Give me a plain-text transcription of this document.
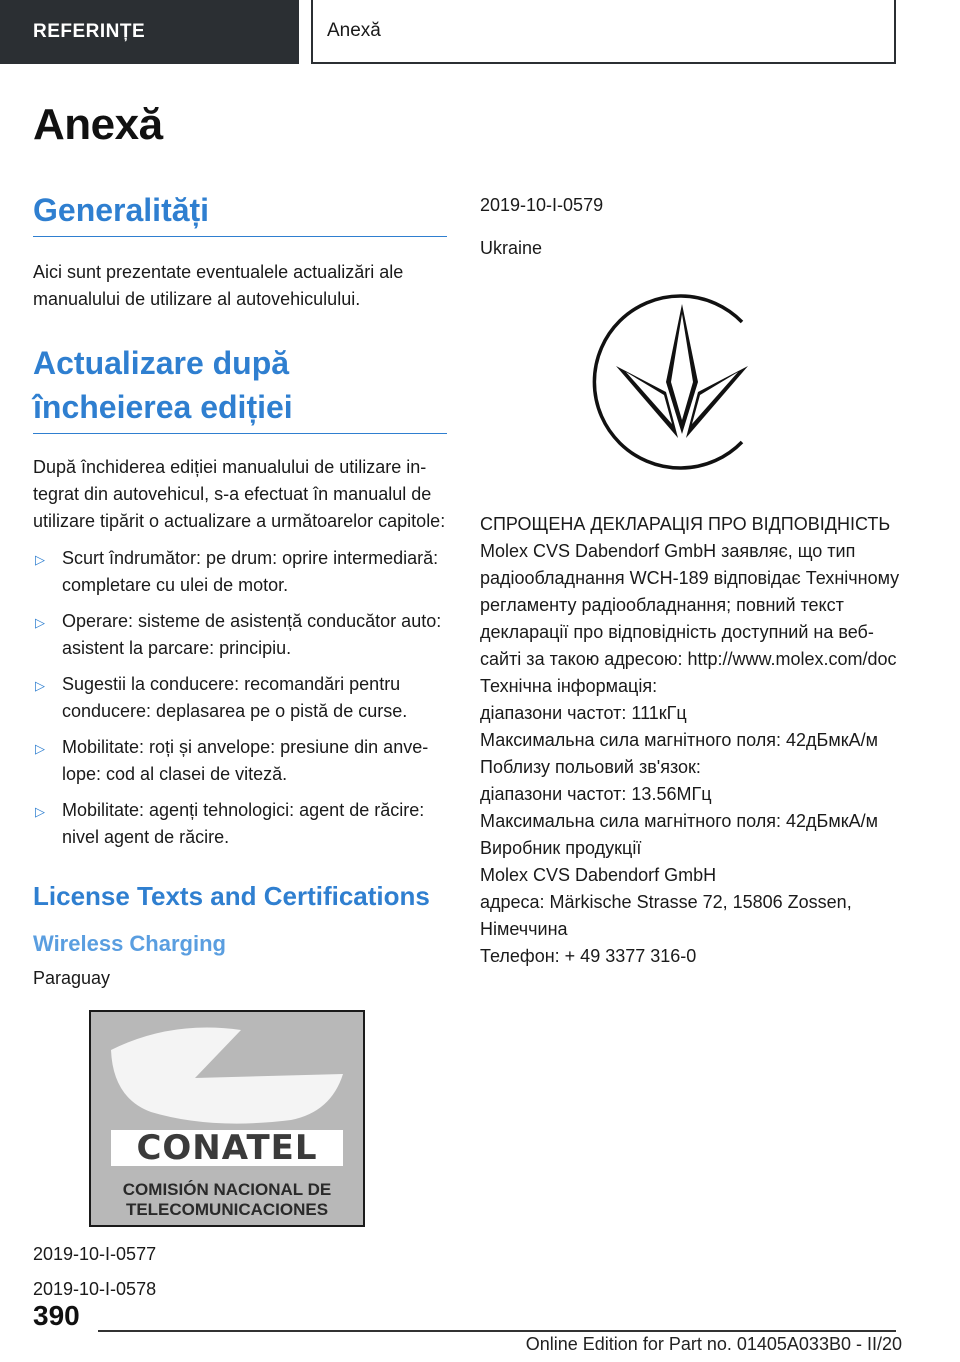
REFERINȚE	Anexă
Anexă
Generalități

Aici sunt prezentate eventualele actualizări ale manualului de utilizare al autovehiculului.

Actualizare după încheierea ediției

După închiderea ediției manualului de utilizare integrat din autovehicul, s-a efectuat în manualul de utilizare tipărit o actualizare a următoarelor capitole:

▷ Scurt îndrumător: pe drum: oprire intermediară: completare cu ulei de motor.
▷ Operare: sisteme de asistență conducător auto: asistent la parcare: principiu.
▷ Sugestii la conducere: recomandări pentru conducere: deplasarea pe o pistă de curse.
▷ Mobilitate: roți și anvelope: presiune din anvelope: cod al clasei de viteză.
▷ Mobilitate: agenți tehnologici: agent de răcire: nivel agent de răcire.
License Texts and Certifications
Wireless Charging

Paraguay

CONATEL
COMISIÓN NACIONAL DE
TELECOMUNICACIONES

2019-10-I-0577

2019-10-I-0578

2019-10-I-0579

Ukraine

СПРОЩЕНА ДЕКЛАРАЦІЯ ПРО ВІДПОВІДНІСТЬ

Molex CVS Dabendorf GmbH заявляє, що тип радіообладнання WCH-189 відповідає Технічному регламенту радіообладнання; повний текст декларації про відповідність доступний на веб-сайті за такою адресою: http://www.molex.com/doc

Технічна інформація:

діапазони частот: 111кГц

Максимальна сила магнітного поля: 42дБмкА/м

Поблизу польовий зв'язок:

діапазони частот: 13.56МГц

Максимальна сила магнітного поля: 42дБмкА/м

Виробник продукції

Molex CVS Dabendorf GmbH

адреса: Märkische Strasse 72, 15806 Zossen, Німеччина

Телефон: + 49 3377 316-0

390
Online Edition for Part no. 01405A033B0 - II/20
